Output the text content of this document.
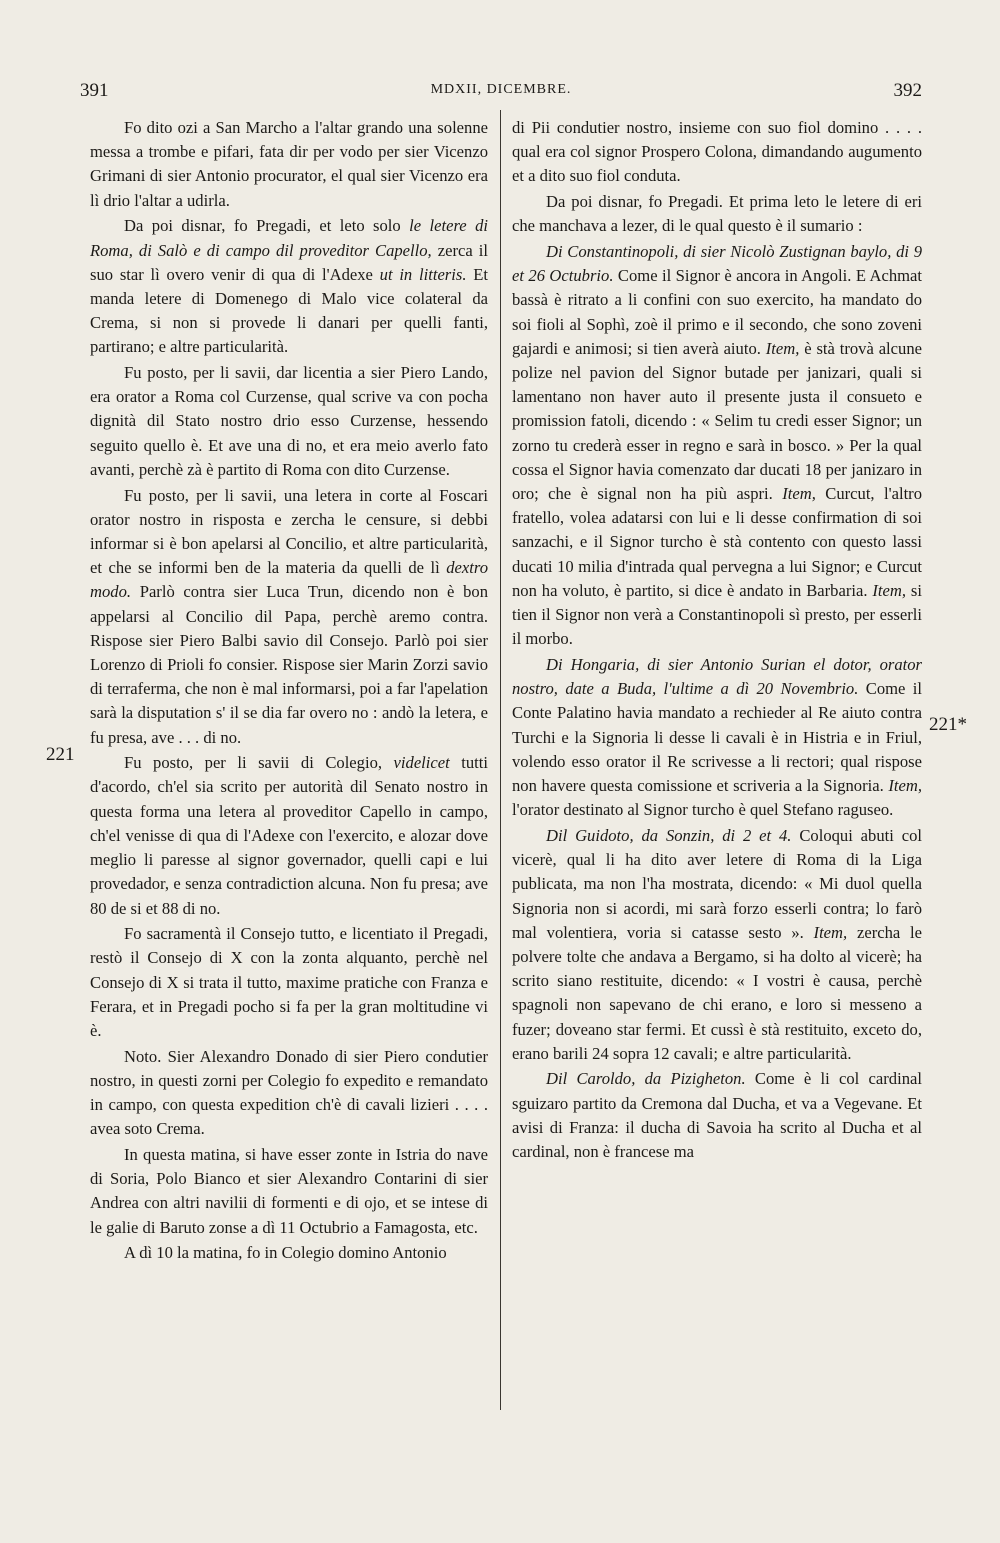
391	MDXII, DICEMBRE.	392
221
221*

Fo dito ozi a San Marcho a l'altar grando una solenne messa a trombe e pifari, fata dir per vodo per sier Vicenzo Grimani di sier Antonio procurator, el qual sier Vicenzo era lì drio l'altar a udirla.

Da poi disnar, fo Pregadi, et leto solo le letere di Roma, di Salò e di campo dil proveditor Capello, zerca il suo star lì overo venir di qua di l'Adexe ut in litteris. Et manda letere di Domenego di Malo vice colateral da Crema, si non si provede li danari per quelli fanti, partirano; e altre particularità.

Fu posto, per li savii, dar licentia a sier Piero Lando, era orator a Roma col Curzense, qual scrive va con pocha dignità dil Stato nostro drio esso Curzense, hessendo seguito quello è. Et ave una di no, et era meio averlo fato avanti, perchè zà è partito di Roma con dito Curzense.

Fu posto, per li savii, una letera in corte al Foscari orator nostro in risposta e zercha le censure, si debbi informar si è bon apelarsi al Concilio, et altre particularità, et che se informi ben de la materia da quelli de lì dextro modo. Parlò contra sier Luca Trun, dicendo non è bon appelarsi al Concilio dil Papa, perchè aremo contra. Rispose sier Piero Balbi savio dil Consejo. Parlò poi sier Lorenzo di Prioli fo consier. Rispose sier Marin Zorzi savio di terraferma, che non è mal informarsi, poi a far l'apelation sarà la disputation s' il se dia far overo no : andò la letera, e fu presa, ave . . . di no.

Fu posto, per li savii di Colegio, videlicet tutti d'acordo, ch'el sia scrito per autorità dil Senato nostro in questa forma una letera al proveditor Capello in campo, ch'el venisse di qua di l'Adexe con l'exercito, e alozar dove meglio li paresse al signor governador, quelli capi e lui provedador, e senza contradiction alcuna. Non fu presa; ave 80 de si et 88 di no.

Fo sacramentà il Consejo tutto, e licentiato il Pregadi, restò il Consejo di X con la zonta alquanto, perchè nel Consejo di X si trata il tutto, maxime pratiche con Franza e Ferara, et in Pregadi pocho si fa per la gran moltitudine vi è.

Noto. Sier Alexandro Donado di sier Piero condutier nostro, in questi zorni per Colegio fo expedito e remandato in campo, con questa expedition ch'è di cavali lizieri . . . . avea soto Crema.

In questa matina, si have esser zonte in Istria do nave di Soria, Polo Bianco et sier Alexandro Contarini di sier Andrea con altri navilii di formenti e di ojo, et se intese di le galie di Baruto zonse a dì 11 Octubrio a Famagosta, etc.

A dì 10 la matina, fo in Colegio domino Antonio

di Pii condutier nostro, insieme con suo fiol domino . . . . qual era col signor Prospero Colona, dimandando augumento et a dito suo fiol conduta.

Da poi disnar, fo Pregadi. Et prima leto le letere di eri che manchava a lezer, di le qual questo è il sumario :

Di Constantinopoli, di sier Nicolò Zustignan baylo, di 9 et 26 Octubrio. Come il Signor è ancora in Angoli. E Achmat bassà è ritrato a li confini con suo exercito, ha mandato do soi fioli al Sophì, zoè il primo e il secondo, che sono zoveni gajardi e animosi; si tien averà aiuto. Item, è stà trovà alcune polize nel pavion del Signor butade per janizari, quali si lamentano non haver auto il presente justa il consueto e promission fatoli, dicendo : « Selim tu credi esser Signor; un zorno tu crederà esser in regno e sarà in bosco. » Per la qual cossa el Signor havia comenzato dar ducati 18 per janizaro in oro; che è signal non ha più aspri. Item, Curcut, l'altro fratello, volea adatarsi con lui e li desse confirmation di soi sanzachi, e il Signor turcho è stà contento con questo lassi ducati 10 milia d'intrada qual pervegna a lui Signor; e Curcut non ha voluto, è partito, si dice è andato in Barbaria. Item, si tien il Signor non verà a Constantinopoli sì presto, per esserli il morbo.

Di Hongaria, di sier Antonio Surian el dotor, orator nostro, date a Buda, l'ultime a dì 20 Novembrio. Come il Conte Palatino havia mandato a rechieder al Re aiuto contra Turchi e la Signoria li desse li cavali è in Histria e in Friul, volendo esso orator il Re scrivesse a li rectori; qual rispose non havere questa comissione et scriveria a la Signoria. Item, l'orator destinato al Signor turcho è quel Stefano raguseo.

Dil Guidoto, da Sonzin, di 2 et 4. Coloqui abuti col vicerè, qual li ha dito aver letere di Roma di la Liga publicata, ma non l'ha mostrata, dicendo: « Mi duol quella Signoria non si acordi, mi sarà forzo esserli contra; lo farò mal volentiera, voria si catasse sesto ». Item, zercha le polvere tolte che andava a Bergamo, si ha dolto al vicerè; ha scrito siano restituite, dicendo: « I vostri è causa, perchè spagnoli non sapevano de chi erano, e loro si messeno a fuzer; doveano star fermi. Et cussì è stà restituito, exceto do, erano barili 24 sopra 12 cavali; e altre particularità.

Dil Caroldo, da Pizigheton. Come è li col cardinal sguizaro partito da Cremona dal Ducha, et va a Vegevane. Et avisi di Franza: il ducha di Savoia ha scrito al Ducha et al cardinal, non è francese ma
